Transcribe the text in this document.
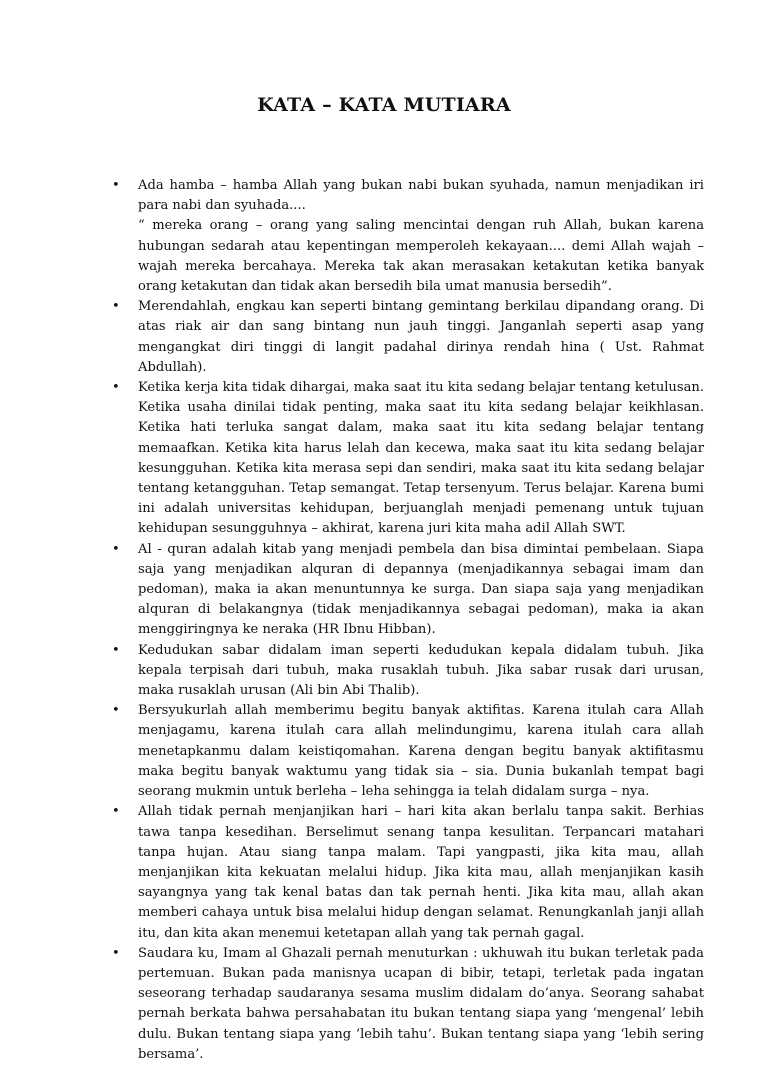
KATA – KATA MUTIARA

• Ada hamba – hamba Allah yang bukan nabi bukan syuhada, namun menjadikan iri para nabi dan syuhada....

“ mereka orang – orang yang saling mencintai dengan ruh Allah, bukan karena hubungan sedarah atau kepentingan memperoleh kekayaan.... demi Allah wajah – wajah mereka bercahaya. Mereka tak akan merasakan ketakutan ketika banyak orang ketakutan dan tidak akan bersedih bila umat manusia bersedih”.

• Merendahlah, engkau kan seperti bintang gemintang berkilau dipandang orang. Di atas riak air dan sang bintang nun jauh tinggi. Janganlah seperti asap yang mengangkat diri tinggi di langit padahal dirinya rendah hina ( Ust. Rahmat Abdullah).

• Ketika kerja kita tidak dihargai, maka saat itu kita sedang belajar tentang ketulusan. Ketika usaha dinilai tidak penting, maka saat itu kita sedang belajar keikhlasan. Ketika hati terluka sangat dalam, maka saat itu kita sedang belajar tentang memaafkan. Ketika kita harus lelah dan kecewa, maka saat itu kita sedang belajar kesungguhan. Ketika kita merasa sepi dan sendiri, maka saat itu kita sedang belajar tentang ketangguhan. Tetap semangat. Tetap tersenyum. Terus belajar. Karena bumi ini adalah universitas kehidupan, berjuanglah menjadi pemenang untuk tujuan kehidupan sesungguhnya – akhirat, karena juri kita maha adil Allah SWT.

• Al - quran adalah kitab yang menjadi pembela dan bisa dimintai pembelaan. Siapa saja yang menjadikan alquran di depannya (menjadikannya sebagai imam dan pedoman), maka ia akan menuntunnya ke surga. Dan siapa saja yang menjadikan alquran di belakangnya (tidak menjadikannya sebagai pedoman), maka ia akan menggiringnya ke neraka (HR Ibnu Hibban).

• Kedudukan sabar didalam iman seperti kedudukan kepala didalam tubuh. Jika kepala terpisah dari tubuh, maka rusaklah tubuh. Jika sabar rusak dari urusan, maka rusaklah urusan (Ali bin Abi Thalib).

• Bersyukurlah allah memberimu begitu banyak aktifitas. Karena itulah cara Allah menjagamu, karena itulah cara allah melindungimu, karena itulah cara allah menetapkanmu dalam keistiqomahan. Karena dengan begitu banyak aktifitasmu maka begitu banyak waktumu yang tidak sia – sia. Dunia bukanlah tempat bagi seorang mukmin untuk berleha – leha sehingga ia telah didalam surga – nya.

• Allah tidak pernah menjanjikan hari – hari kita akan berlalu tanpa sakit. Berhias tawa tanpa kesedihan. Berselimut senang tanpa kesulitan. Terpancari matahari tanpa hujan. Atau siang tanpa malam. Tapi yangpasti, jika kita mau, allah menjanjikan kita kekuatan melalui hidup. Jika kita mau, allah menjanjikan kasih sayangnya yang tak kenal batas dan tak pernah henti. Jika kita mau, allah akan memberi cahaya untuk bisa melalui hidup dengan selamat. Renungkanlah janji allah itu, dan kita akan menemui ketetapan allah yang tak pernah gagal.

• Saudara ku, Imam al Ghazali pernah menuturkan : ukhuwah itu bukan terletak pada pertemuan. Bukan pada manisnya ucapan di bibir, tetapi, terletak pada ingatan seseorang terhadap saudaranya sesama muslim didalam do’anya. Seorang sahabat pernah berkata bahwa persahabatan itu bukan tentang siapa yang ‘mengenal’ lebih dulu. Bukan tentang siapa yang ‘lebih tahu’. Bukan tentang siapa yang ‘lebih sering bersama’.
